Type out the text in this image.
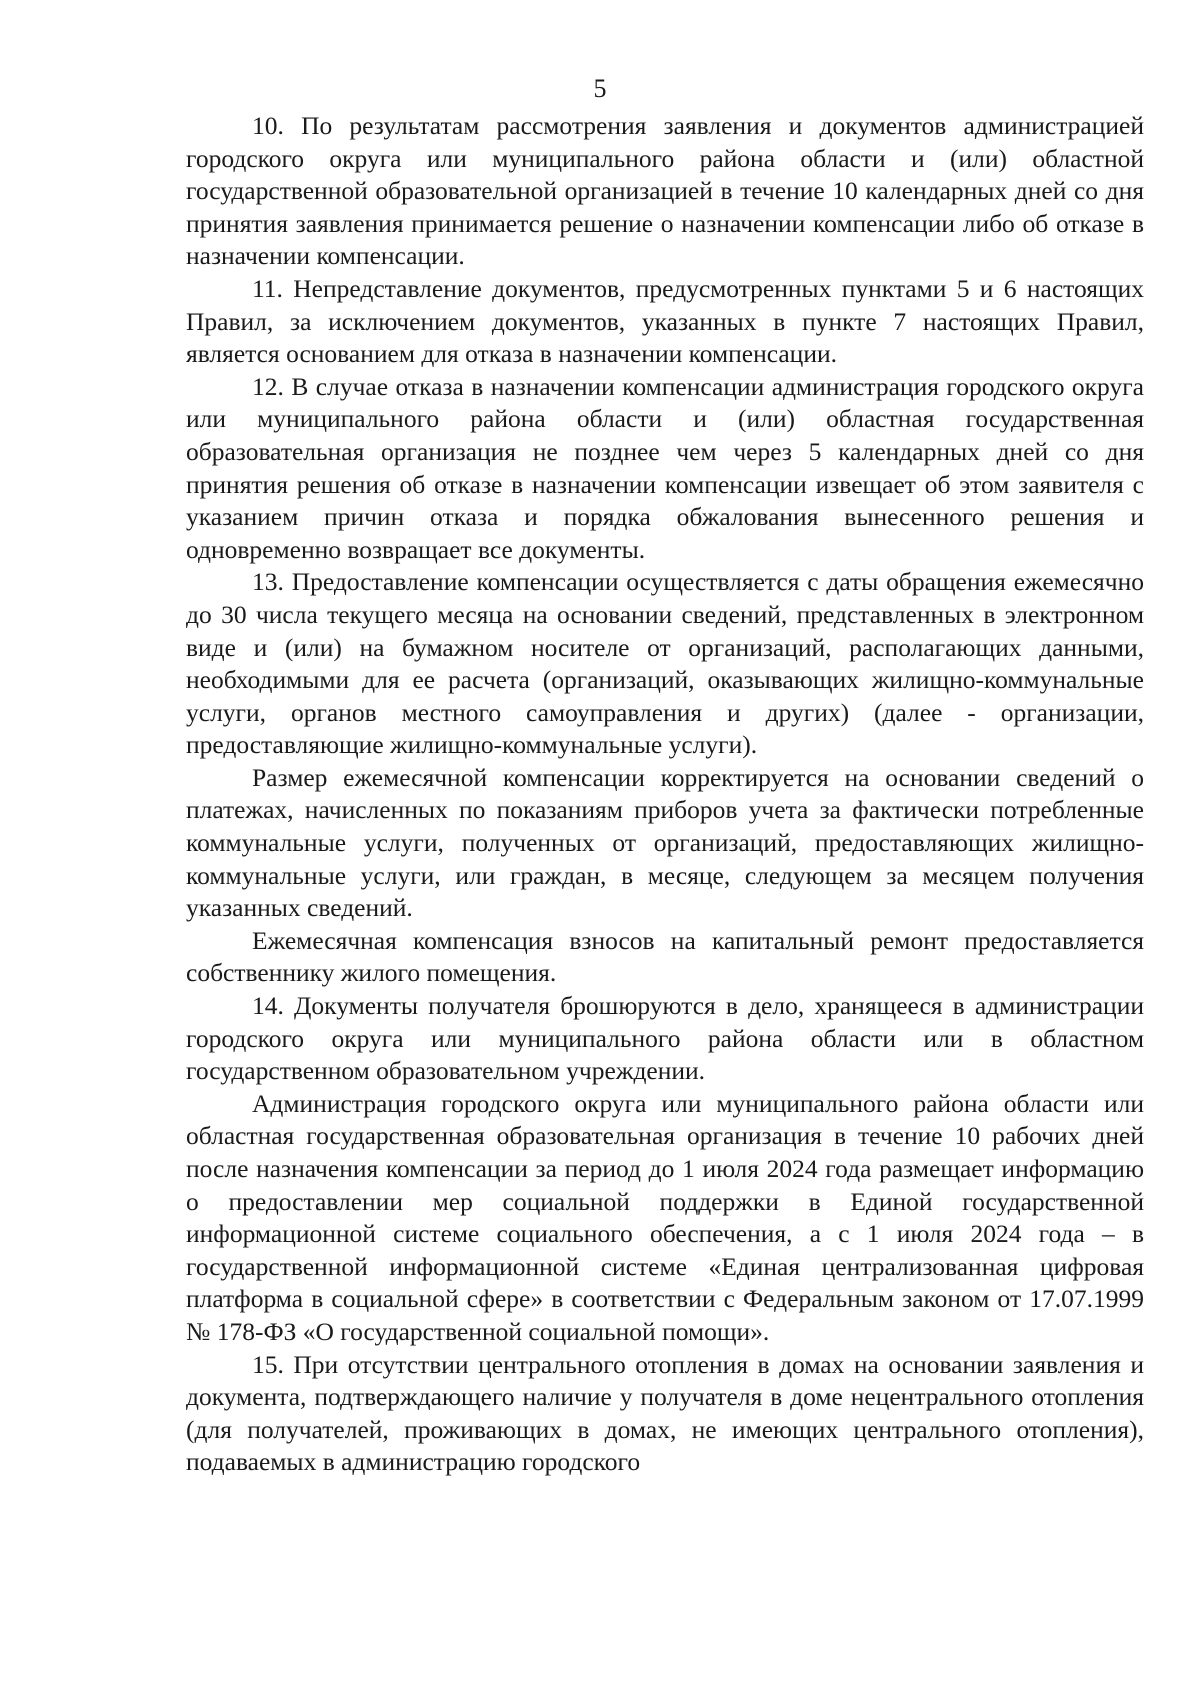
5

10. По результатам рассмотрения заявления и документов администрацией городского округа или муниципального района области и (или) областной государственной образовательной организацией в течение 10 календарных дней со дня принятия заявления принимается решение о назначении компенсации либо об отказе в назначении компенсации.

11. Непредставление документов, предусмотренных пунктами 5 и 6 настоящих Правил, за исключением документов, указанных в пункте 7 настоящих Правил, является основанием для отказа в назначении компенсации.

12. В случае отказа в назначении компенсации администрация городского округа или муниципального района области и (или) областная государственная образовательная организация не позднее чем через 5 календарных дней со дня принятия решения об отказе в назначении компенсации извещает об этом заявителя с указанием причин отказа и порядка обжалования вынесенного решения и одновременно возвращает все документы.

13. Предоставление компенсации осуществляется с даты обращения ежемесячно до 30 числа текущего месяца на основании сведений, представленных в электронном виде и (или) на бумажном носителе от организаций, располагающих данными, необходимыми для ее расчета (организаций, оказывающих жилищно-коммунальные услуги, органов местного самоуправления и других) (далее - организации, предоставляющие жилищно-коммунальные услуги).

Размер ежемесячной компенсации корректируется на основании сведений о платежах, начисленных по показаниям приборов учета за фактически потребленные коммунальные услуги, полученных от организаций, предоставляющих жилищно-коммунальные услуги, или граждан, в месяце, следующем за месяцем получения указанных сведений.

Ежемесячная компенсация взносов на капитальный ремонт предоставляется собственнику жилого помещения.

14. Документы получателя брошюруются в дело, хранящееся в администрации городского округа или муниципального района области или в областном государственном образовательном учреждении.

Администрация городского округа или муниципального района области или областная государственная образовательная организация в течение 10 рабочих дней после назначения компенсации за период до 1 июля 2024 года размещает информацию о предоставлении мер социальной поддержки в Единой государственной информационной системе социального обеспечения, а с 1 июля 2024 года – в государственной информационной системе «Единая централизованная цифровая платформа в социальной сфере» в соответствии с Федеральным законом от 17.07.1999 № 178-ФЗ «О государственной социальной помощи».

15. При отсутствии центрального отопления в домах на основании заявления и документа, подтверждающего наличие у получателя в доме нецентрального отопления (для получателей, проживающих в домах, не имеющих центрального отопления), подаваемых в администрацию городского
